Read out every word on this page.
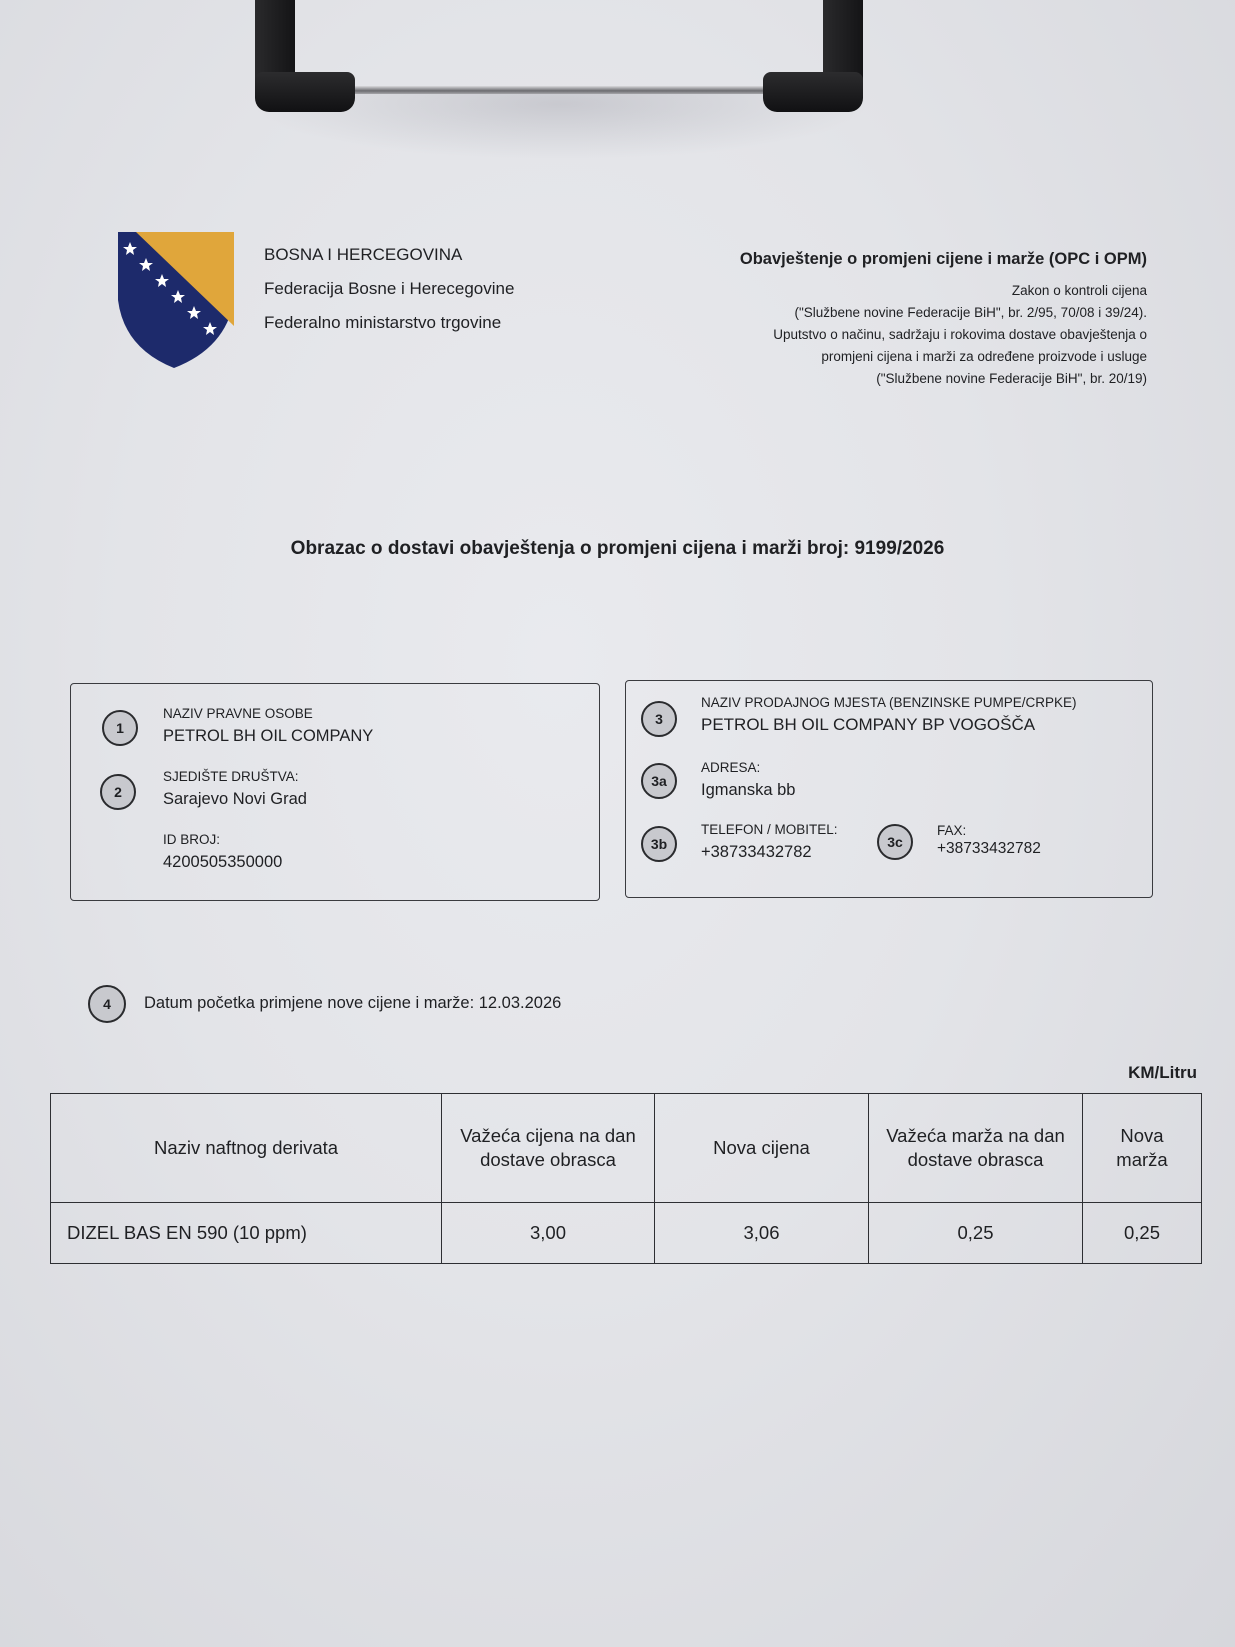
BOSNA I HERCEGOVINA
Federacija Bosne i Herecegovine
Federalno ministarstvo trgovine
Obavještenje o promjeni cijene i marže (OPC i OPM)
Zakon o kontroli cijena
("Službene novine Federacije BiH", br. 2/95, 70/08 i 39/24).
Uputstvo o načinu, sadržaju i rokovima dostave obavještenja o
promjeni cijena i marži za određene proizvode i usluge
("Službene novine Federacije BiH", br. 20/19)
Obrazac o dostavi obavještenja o promjeni cijena i marži broj: 9199/2026
1
NAZIV PRAVNE OSOBE
PETROL BH OIL COMPANY
2
SJEDIŠTE DRUŠTVA:
Sarajevo Novi Grad
ID BROJ:
4200505350000
3
NAZIV PRODAJNOG MJESTA (BENZINSKE PUMPE/CRPKE)
PETROL BH OIL COMPANY BP VOGOŠČA
3a
ADRESA:
Igmanska bb
3b
TELEFON / MOBITEL:
+38733432782
3c
FAX:
+38733432782
4	Datum početka primjene nove cijene i marže: 12.03.2026
KM/Litru
Naziv naftnog derivata	Važeća cijena na dan dostave obrasca	Nova cijena	Važeća marža na dan dostave obrasca	Nova marža
DIZEL BAS EN 590 (10 ppm)	3,00	3,06	0,25	0,25
